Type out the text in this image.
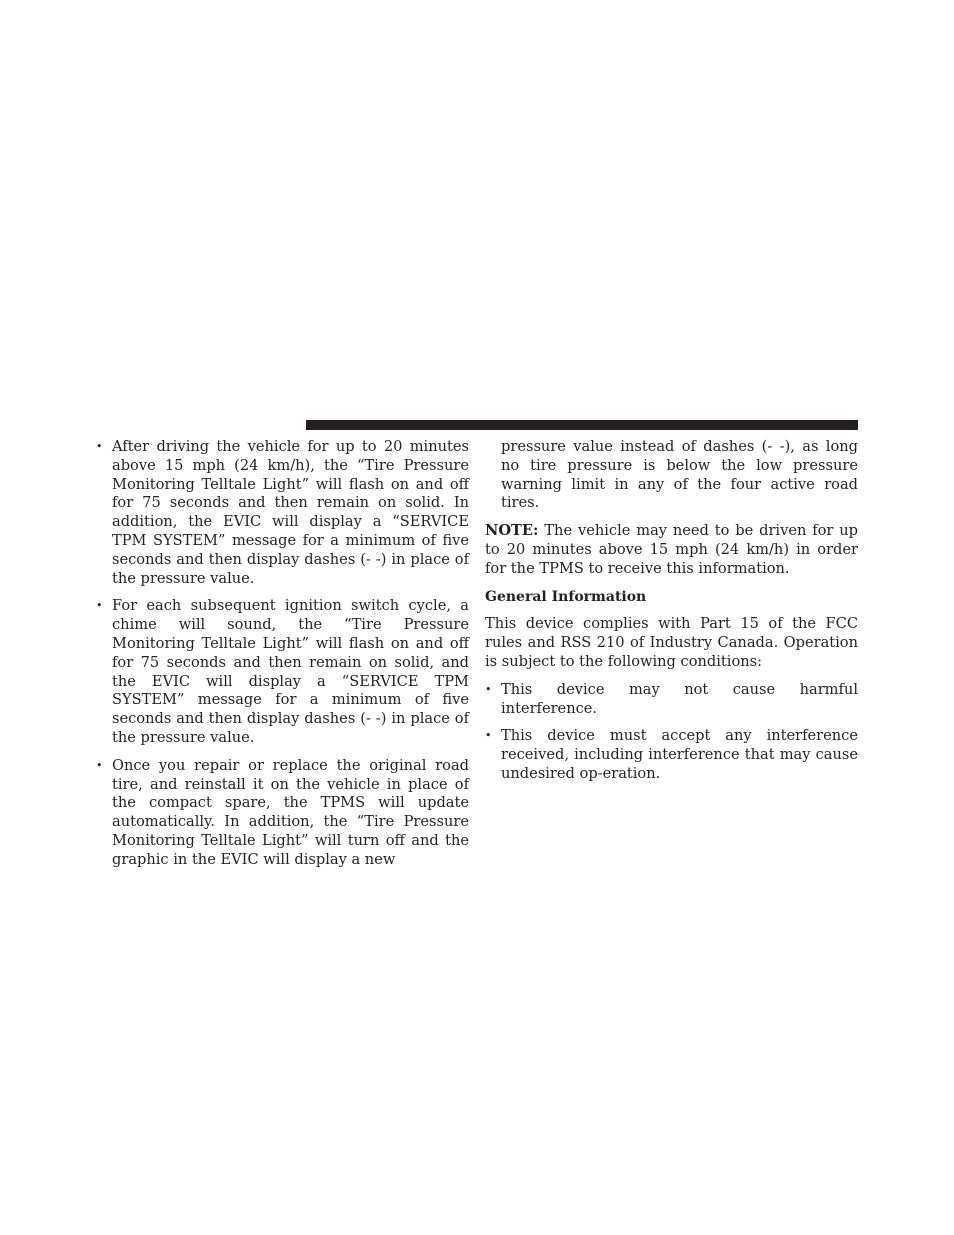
• After driving the vehicle for up to 20 minutes above 15 mph (24 km/h), the “Tire Pressure Monitoring Telltale Light” will flash on and off for 75 seconds and then remain on solid. In addition, the EVIC will display a “SERVICE TPM SYSTEM” message for a minimum of five seconds and then display dashes (- -) in place of the pressure value.
• For each subsequent ignition switch cycle, a chime will sound, the “Tire Pressure Monitoring Telltale Light” will flash on and off for 75 seconds and then remain on solid, and the EVIC will display a “SERVICE TPM SYSTEM” message for a minimum of five seconds and then display dashes (- -) in place of the pressure value.
• Once you repair or replace the original road tire, and reinstall it on the vehicle in place of the compact spare, the TPMS will update automatically. In addition, the “Tire Pressure Monitoring Telltale Light” will turn off and the graphic in the EVIC will display a new

pressure value instead of dashes (- -), as long no tire pressure is below the low pressure warning limit in any of the four active road tires.

NOTE: The vehicle may need to be driven for up to 20 minutes above 15 mph (24 km/h) in order for the TPMS to receive this information.

General Information

This device complies with Part 15 of the FCC rules and RSS 210 of Industry Canada. Operation is subject to the following conditions:

• This device may not cause harmful interference.
• This device must accept any interference received, including interference that may cause undesired op-eration.
